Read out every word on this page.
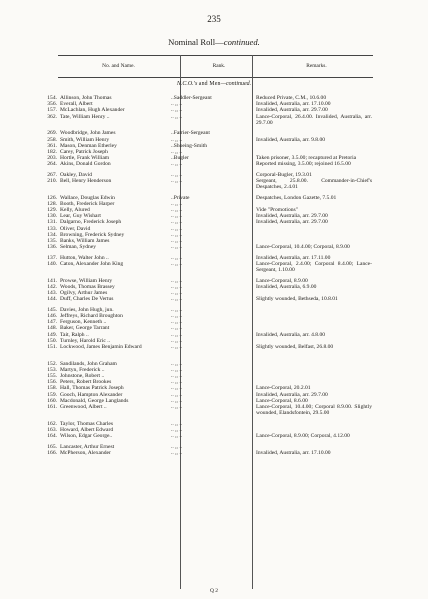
235
Nominal Roll—continued.
No. and Name.	Rank.	Remarks.
N.C.O.'s and Men—continued.
154. Allinson, John Thomas	..Saddler-Sergeant	Reduced Private, C.M., 10.6.00
356. Everall, Albert	.. ,, ..	Invalided, Australia, arr. 17.10.00
157. McLachlan, Hugh Alexander	.. ,, ..	Invalided, Australia, arr. 29.7.00
362. Tate, William Henry ..	.. ,, ..	Lance-Corporal, 26.4.00. Invalided, Australia, arr. 29.7.00
269. Woodbridge, John James	..Farrier-Sergeant
258. Smith, William Henry	.. ,, ..	Invalided, Australia, arr. 9.8.00
361. Mason, Denman Etherley	..Shoeing-Smith
182. Carey, Patrick Joseph	.. ,, ..
203. Hortle, Frank William	..Bugler	Taken prisoner, 3.5.00; recaptured at Pretoria
264. Akins, Donald Gordon	.. ,, ..	Reported missing, 3.5.00; rejoined 16.5.00
267. Oakley, David	.. ,, ..	Corporal-Bugler, 19.3.01
210. Bell, Henry Henderson	.. ,, ..	Sergeant, 25.8.00. Commander-in-Chief's Despatches, 2.4.01
126. Wallace, Douglas Edwin	..Private	Despatches, London Gazette, 7.5.01
128. Booth, Frederick Harper	.. ,, ..
129. Kelly, Alured	.. ,, ..	Vide "Promotions"
130. Lear, Guy Wishart	.. ,, ..	Invalided, Australia, arr. 29.7.00
131. Dalgarno, Frederick Joseph	.. ,, ..	Invalided, Australia, arr. 29.7.00
133. Oliver, David	.. ,, ..
134. Browning, Frederick Sydney	.. ,, ..
135. Banks, William James	.. ,, ..
136. Selman, Sydney	.. ,, ..	Lance-Corporal, 10.4.00; Corporal, 8.9.00
137. Hutton, Walter John ..	.. ,, ..	Invalided, Australia, arr. 17.11.00
140. Caton, Alexander John King	.. ,, ..	Lance-Corporal, 2.4.00; Corporal 8.4.00; Lance-Sergeant, 1.10.00
141. Prowse, William Henry	.. ,, ..	Lance-Corporal, 8.9.00
142. Woods, Thomas Brassey	.. ,, ..	Invalided, Australia, 6.9.00
143. Ogilvy, Arthur James	.. ,, ..
144. Duff, Charles De Vertus	.. ,, ..	Slightly wounded, Bethseda, 10.8.01
145. Davies, John Hugh, jun.	.. ,, ..
146. Jeffreys, Richard Broughton	.. ,, ..
147. Ferguson, Kenneth ..	.. ,, ..
148. Baker, George Tarrant	.. ,, ..
149. Tait, Ralph ..	.. ,, ..	Invalided, Australia, arr. 4.8.00
150. Turnley, Harold Eric ..	.. ,, ..
151. Lockwood, James Benjamin Edward	.. ,, ..	Slightly wounded, Belfast, 26.8.00
152. Sandilands, John Graham	.. ,, ..
153. Martyn, Frederick ..	.. ,, ..
155. Johnstone, Robert ..	.. ,, ..
156. Peters, Robert Brookes	.. ,, ..
158. Hall, Thomas Patrick Joseph	.. ,, ..	Lance-Corporal, 20.2.01
159. Gooch, Hampton Alexander	.. ,, ..	Invalided, Australia, arr. 29.7.00
160. Macdonald, George Langlands	.. ,, ..	Lance-Corporal, 8.6.00
161. Greenwood, Albert ..	.. ,, ..	Lance-Corporal, 10.4.00; Corporal 8.9.00. Slightly wounded, Elandsfontein, 29.5.00
162. Taylor, Thomas Charles	.. ,, ..
163. Howard, Albert Edward	.. ,, ..
164. Wilson, Edgar George..	.. ,, ..	Lance-Corporal, 8.9.00; Corporal, 4.12.00
165. Lancaster, Arthur Ernest	.. ,, ..
166. McPherson, Alexander	.. ,, ..	Invalided, Australia, arr. 17.10.00
Q 2
